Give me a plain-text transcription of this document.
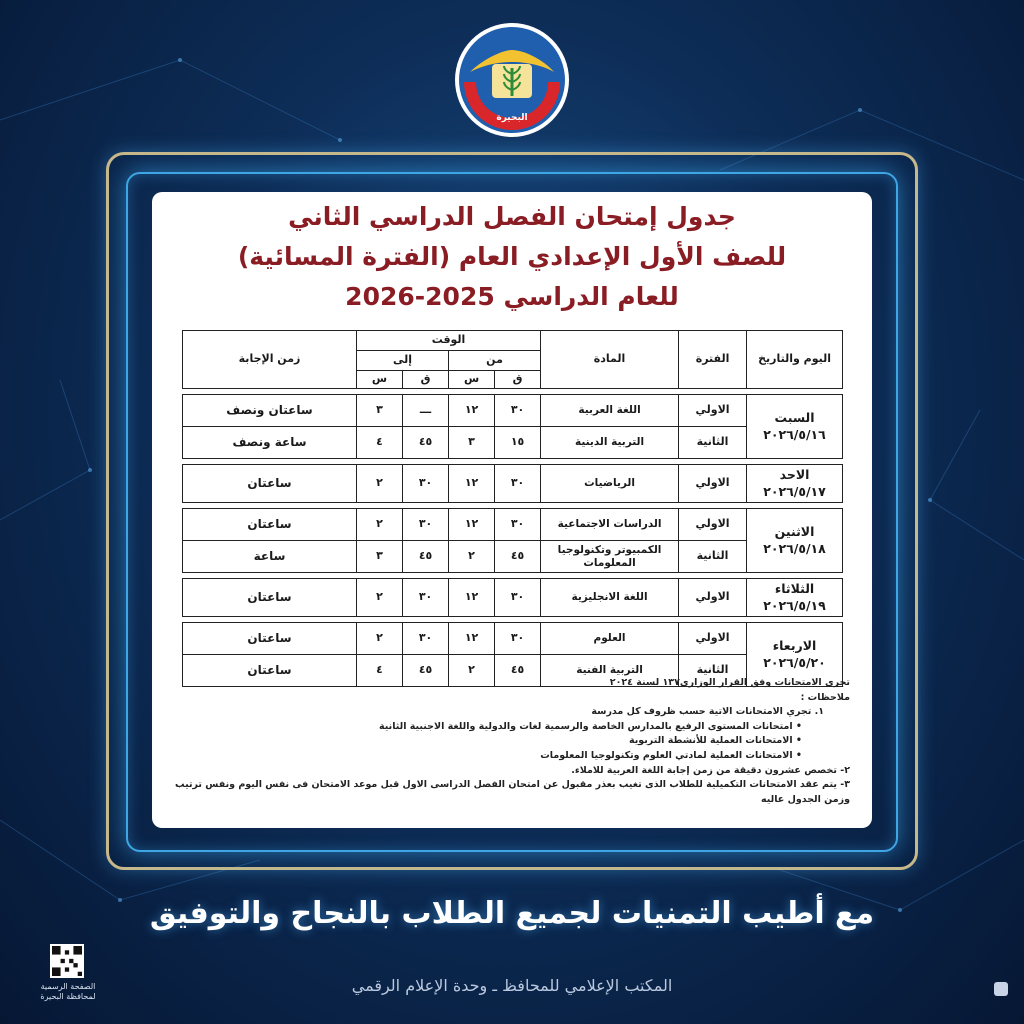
البحيرة
جدول إمتحان الفصل الدراسي الثاني
للصف الأول الإعدادي العام (الفترة المسائية)
للعام الدراسي 2025-2026
اليوم والتاريخ	الفترة	المادة	الوقت				زمن الإجابة
			من		إلى		
			ق	س	ق	س	

السبت
٢٠٢٦/٥/١٦	الاولي	اللغة العربية	٣٠	١٢	ـــ	٣	ساعتان ونصف
	الثانية	التربية الدينية	١٥	٣	٤٥	٤	ساعة ونصف

الاحد
٢٠٢٦/٥/١٧	الاولي	الرياضيات	٣٠	١٢	٣٠	٢	ساعتان

الاثنين
٢٠٢٦/٥/١٨	الاولي	الدراسات الاجتماعية	٣٠	١٢	٣٠	٢	ساعتان
	الثانية	الكمبيوتر وتكنولوجيا المعلومات	٤٥	٢	٤٥	٣	ساعة

الثلاثاء
٢٠٢٦/٥/١٩	الاولي	اللغة الانجليزية	٣٠	١٢	٣٠	٢	ساعتان

الاربعاء
٢٠٢٦/٥/٢٠	الاولي	العلوم	٣٠	١٢	٣٠	٢	ساعتان
	الثانية	التربية الفنية	٤٥	٢	٤٥	٤	ساعتان
تجرى الامتحانات وفق القرار الوزارى١٣٧ لسنة ٢٠٢٤
ملاحظات :
١. تجري الامتحانات الاتية حسب ظروف كل مدرسة
• امتحانات المستوى الرفيع بالمدارس الخاصة والرسمية لغات والدولية واللغة الاجنبية الثانية
• الامتحانات العملية للأنشطة التربوية
• الامتحانات العملية لمادتي العلوم وتكنولوجيا المعلومات
٢- تخصص عشرون دقيقة من زمن إجابة اللغة العربية للاملاء.
٣- يتم عقد الامتحانات التكميلية للطلاب الذى تغيب بعذر مقبول عن امتحان الفصل الدراسى الاول قبل موعد الامتحان فى نفس اليوم ونفس ترتيب
وزمن الجدول عاليه
مع أطيب التمنيات لجميع الطلاب بالنجاح والتوفيق
المكتب الإعلامي للمحافظ ـ وحدة الإعلام الرقمي
الصفحة الرسمية
لمحافظة البحيرة
